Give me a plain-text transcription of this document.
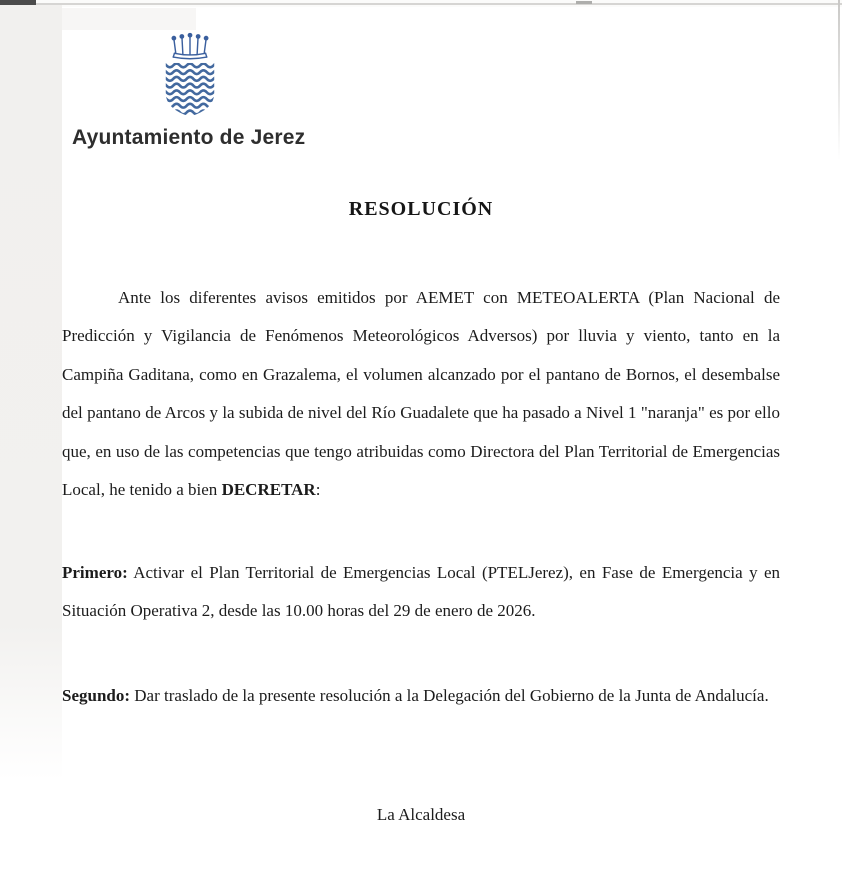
Ayuntamiento de Jerez
RESOLUCIÓN

Ante los diferentes avisos emitidos por AEMET con METEOALERTA (Plan Nacional de Predicción y Vigilancia de Fenómenos Meteorológicos Adversos) por lluvia y viento, tanto en la Campiña Gaditana, como en Grazalema, el volumen alcanzado por el pantano de Bornos, el desembalse del pantano de Arcos y la subida de nivel del Río Guadalete que ha pasado a Nivel 1 "naranja" es por ello que, en uso de las competencias que tengo atribuidas como Directora del Plan Territorial de Emergencias Local, he tenido a bien DECRETAR:

Primero: Activar el Plan Territorial de Emergencias Local (PTELJerez), en Fase de Emergencia y en Situación Operativa 2, desde las 10.00 horas del 29 de enero de 2026.

Segundo: Dar traslado de la presente resolución a la Delegación del Gobierno de la Junta de Andalucía.

La Alcaldesa
